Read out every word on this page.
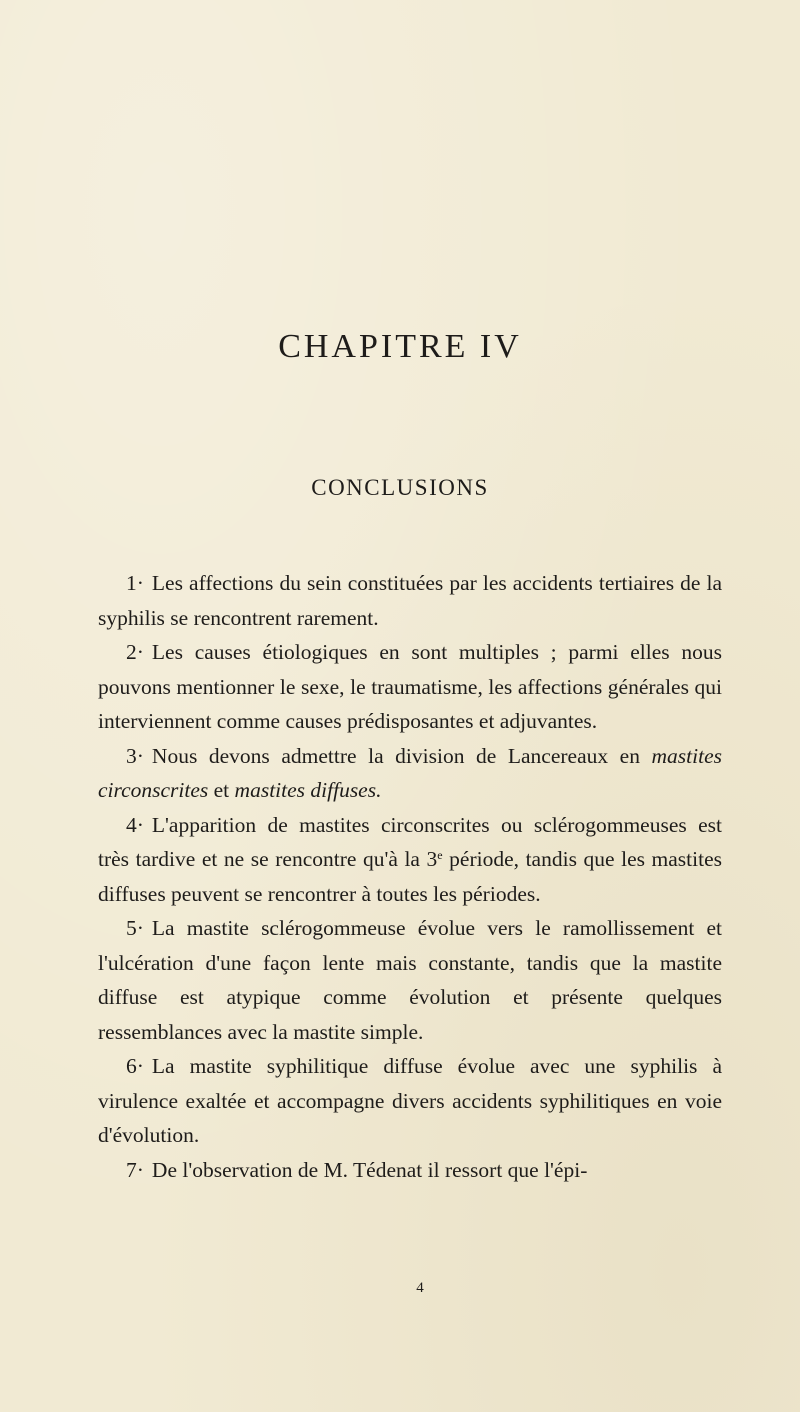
CHAPITRE IV
CONCLUSIONS

1· Les affections du sein constituées par les accidents tertiaires de la syphilis se rencontrent rarement.

2· Les causes étiologiques en sont multiples ; parmi elles nous pouvons mentionner le sexe, le traumatisme, les affections générales qui interviennent comme causes prédisposantes et adjuvantes.

3· Nous devons admettre la division de Lancereaux en mastites circonscrites et mastites diffuses.

4· L'apparition de mastites circonscrites ou sclérogommeuses est très tardive et ne se rencontre qu'à la 3e période, tandis que les mastites diffuses peuvent se rencontrer à toutes les périodes.

5· La mastite sclérogommeuse évolue vers le ramollissement et l'ulcération d'une façon lente mais constante, tandis que la mastite diffuse est atypique comme évolution et présente quelques ressemblances avec la mastite simple.

6· La mastite syphilitique diffuse évolue avec une syphilis à virulence exaltée et accompagne divers accidents syphilitiques en voie d'évolution.

7· De l'observation de M. Tédenat il ressort que l'épi-

4
